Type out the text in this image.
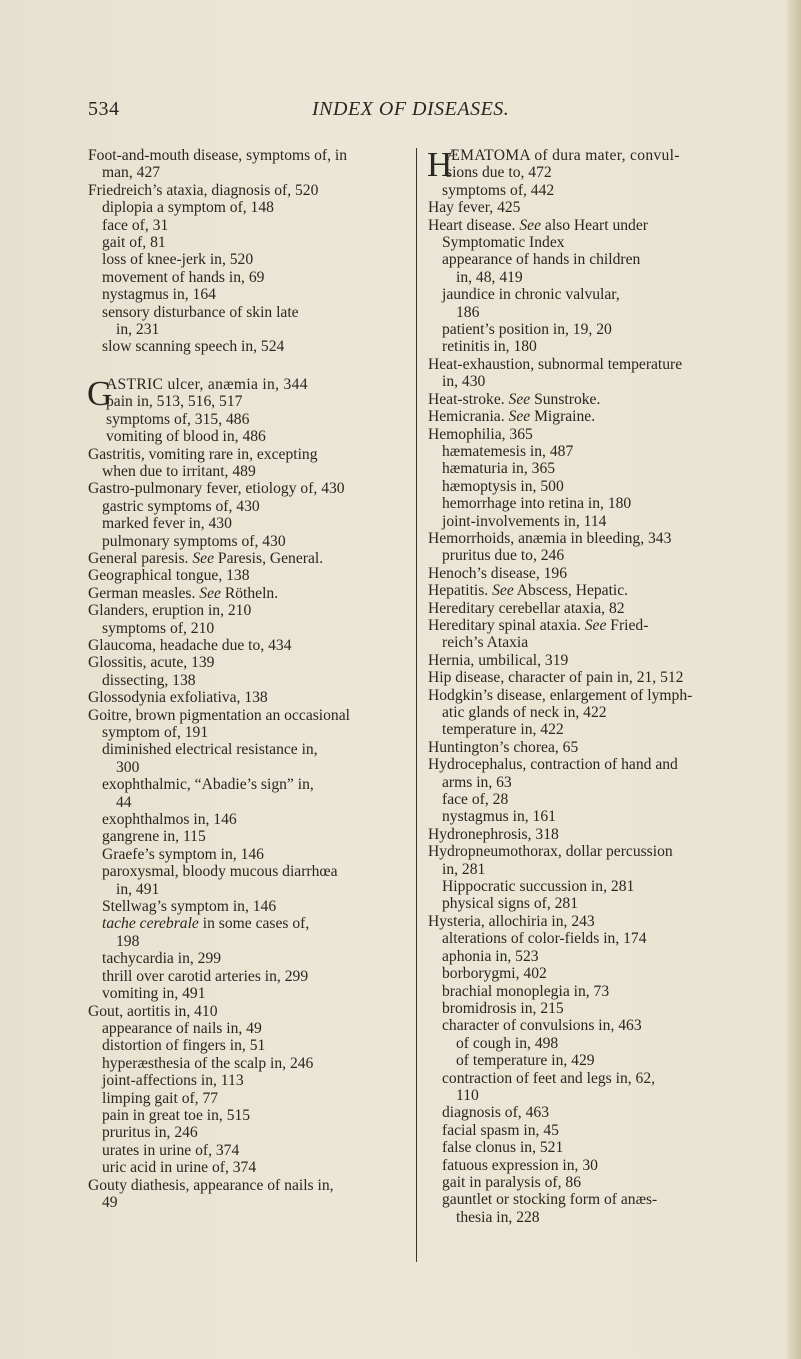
534	INDEX OF DISEASES.
Foot-and-mouth disease, symptoms of, in
man, 427
Friedreich’s ataxia, diagnosis of, 520
diplopia a symptom of, 148
face of, 31
gait of, 81
loss of knee-jerk in, 520
movement of hands in, 69
nystagmus in, 164
sensory disturbance of skin late
in, 231
slow scanning speech in, 524
G
ASTRIC ulcer, anæmia in, 344
pain in, 513, 516, 517
symptoms of, 315, 486
vomiting of blood in, 486
Gastritis, vomiting rare in, excepting
when due to irritant, 489
Gastro-pulmonary fever, etiology of, 430
gastric symptoms of, 430
marked fever in, 430
pulmonary symptoms of, 430
General paresis. See Paresis, General.
Geographical tongue, 138
German measles. See Rötheln.
Glanders, eruption in, 210
symptoms of, 210
Glaucoma, headache due to, 434
Glossitis, acute, 139
dissecting, 138
Glossodynia exfoliativa, 138
Goitre, brown pigmentation an occasional
symptom of, 191
diminished electrical resistance in,
300
exophthalmic, “Abadie’s sign” in,
44
exophthalmos in, 146
gangrene in, 115
Graefe’s symptom in, 146
paroxysmal, bloody mucous diarrhœa
in, 491
Stellwag’s symptom in, 146
tache cerebrale in some cases of,
198
tachycardia in, 299
thrill over carotid arteries in, 299
vomiting in, 491
Gout, aortitis in, 410
appearance of nails in, 49
distortion of fingers in, 51
hyperæsthesia of the scalp in, 246
joint-affections in, 113
limping gait of, 77
pain in great toe in, 515
pruritus in, 246
urates in urine of, 374
uric acid in urine of, 374
Gouty diathesis, appearance of nails in,
49
H
ÆMATOMA of dura mater, convul-
sions due to, 472
symptoms of, 442
Hay fever, 425
Heart disease. See also Heart under
Symptomatic Index
appearance of hands in children
in, 48, 419
jaundice in chronic valvular,
186
patient’s position in, 19, 20
retinitis in, 180
Heat-exhaustion, subnormal temperature
in, 430
Heat-stroke. See Sunstroke.
Hemicrania. See Migraine.
Hemophilia, 365
hæmatemesis in, 487
hæmaturia in, 365
hæmoptysis in, 500
hemorrhage into retina in, 180
joint-involvements in, 114
Hemorrhoids, anæmia in bleeding, 343
pruritus due to, 246
Henoch’s disease, 196
Hepatitis. See Abscess, Hepatic.
Hereditary cerebellar ataxia, 82
Hereditary spinal ataxia. See Fried-
reich’s Ataxia
Hernia, umbilical, 319
Hip disease, character of pain in, 21, 512
Hodgkin’s disease, enlargement of lymph-
atic glands of neck in, 422
temperature in, 422
Huntington’s chorea, 65
Hydrocephalus, contraction of hand and
arms in, 63
face of, 28
nystagmus in, 161
Hydronephrosis, 318
Hydropneumothorax, dollar percussion
in, 281
Hippocratic succussion in, 281
physical signs of, 281
Hysteria, allochiria in, 243
alterations of color-fields in, 174
aphonia in, 523
borborygmi, 402
brachial monoplegia in, 73
bromidrosis in, 215
character of convulsions in, 463
of cough in, 498
of temperature in, 429
contraction of feet and legs in, 62,
110
diagnosis of, 463
facial spasm in, 45
false clonus in, 521
fatuous expression in, 30
gait in paralysis of, 86
gauntlet or stocking form of anæs-
thesia in, 228
